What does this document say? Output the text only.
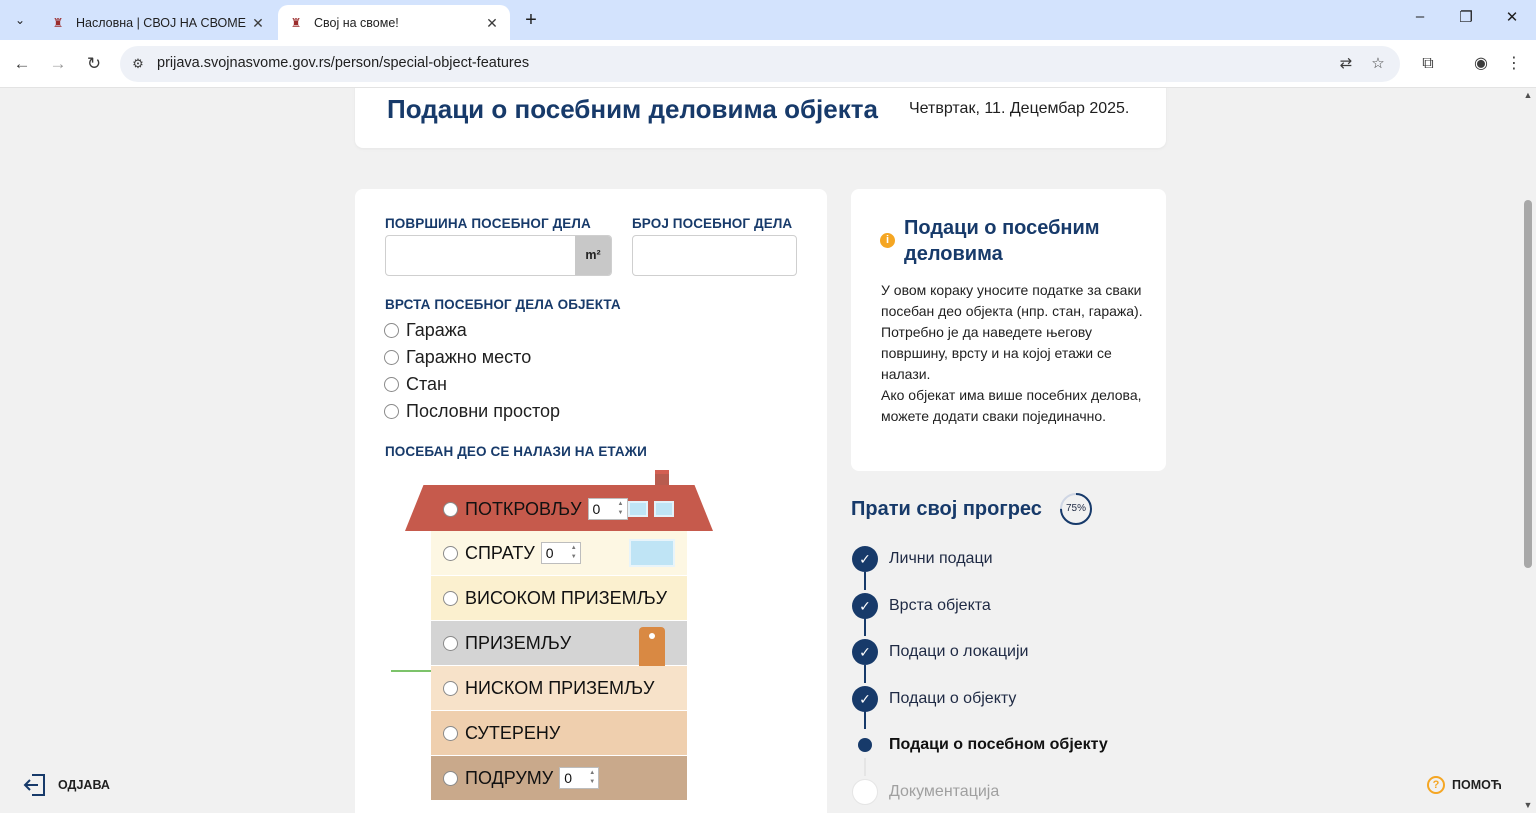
⌄	♜ Насловна | СВОЈ НА СВОМЕ ✕ ♜ Свој на своме!	✕	+	–	❐	✕
←	→	↻	⚙ prijava.svojnasvome.gov.rs/person/special-object-features	⇄	☆	⧉	◉	⋮
Подаци о посебним деловима објекта Четвртак, 11. Децембар 2025.
ПОВРШИНА ПОСЕБНОГ ДЕЛА	БРОЈ ПОСЕБНОГ ДЕЛА
m²
ВРСТА ПОСЕБНОГ ДЕЛА ОБЈЕКТА
Гаража
Гаражно место
Стан
Пословни простор
ПОСЕБАН ДЕО СЕ НАЛАЗИ НА ЕТАЖИ
ПОТКРОВЉУ 0	▲
▼
СПРАТУ 0	▲
▼
ВИСОКОМ ПРИЗЕМЉУ
ПРИЗЕМЉУ
НИСКОМ ПРИЗЕМЉУ
СУТЕРЕНУ
ПОДРУМУ 0	▲
▼
i
Подаци о посебним деловима
У овом кораку уносите податке за сваки посебан део објекта (нпр. стан, гаража). Потребно је да наведете његову површину, врсту и на којој етажи се налази.
Ако објекат има више посебних делова, можете додати сваки појединачно.
Прати свој прогрес	75%
✓	Лични подаци
✓	Врста објекта
✓	Подаци о локацији
✓	Подаци о објекту
Подаци о посебном објекту
Документација
ОДЈАВА	?	ПОМОЋ
▲
▼
